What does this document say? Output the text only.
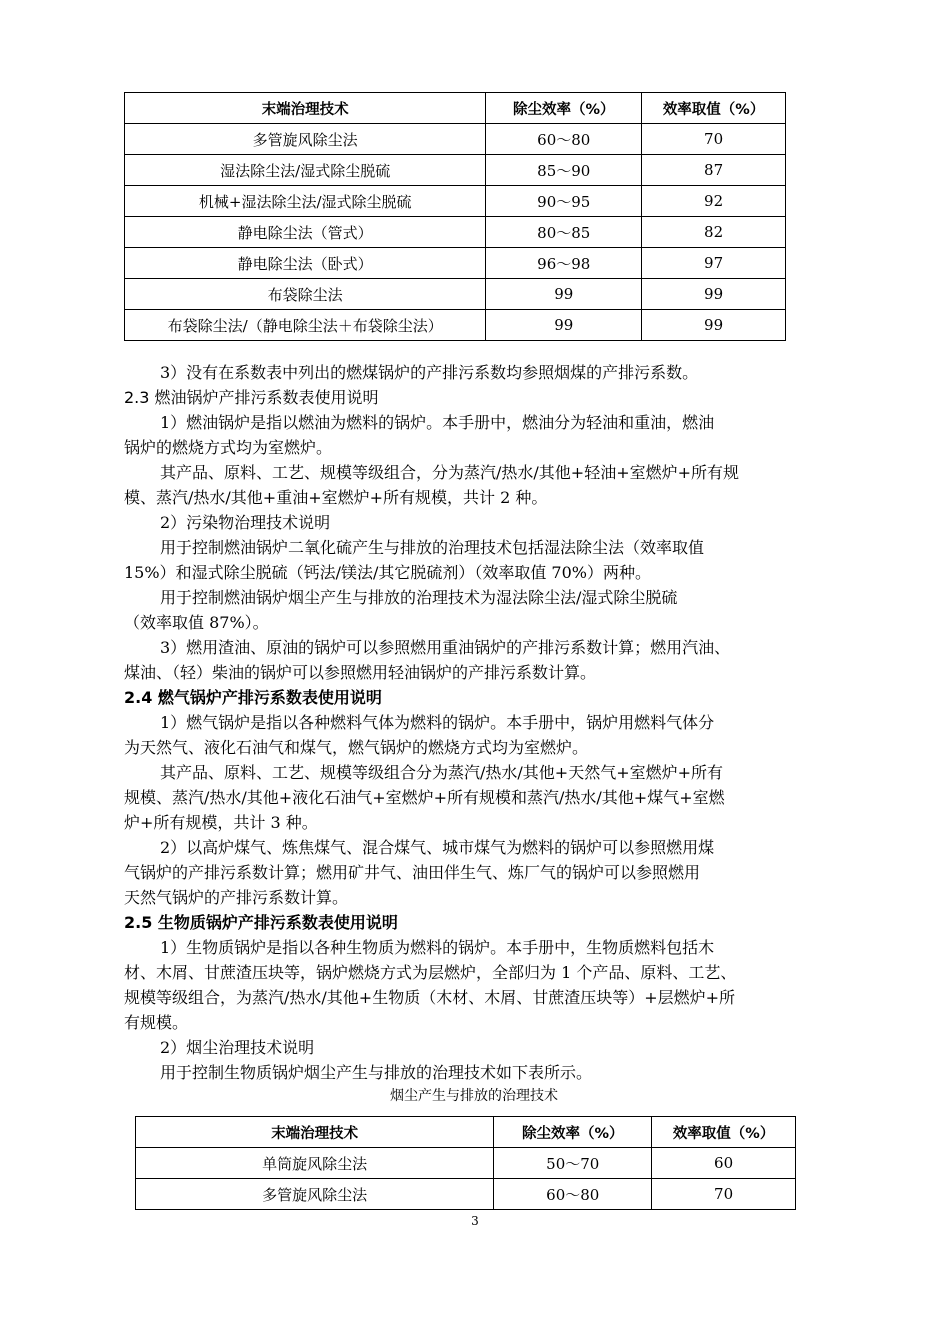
末端治理技术	除尘效率（%）	效率取值（%）
多管旋风除尘法	60～80	70
湿法除尘法/湿式除尘脱硫	85～90	87
机械+湿法除尘法/湿式除尘脱硫	90～95	92
静电除尘法（管式）	80～85	82
静电除尘法（卧式）	96～98	97
布袋除尘法	99	99
布袋除尘法/（静电除尘法＋布袋除尘法）	99	99
3）没有在系数表中列出的燃煤锅炉的产排污系数均参照烟煤的产排污系数。
2.3 燃油锅炉产排污系数表使用说明
1）燃油锅炉是指以燃油为燃料的锅炉。本手册中，燃油分为轻油和重油，燃油
锅炉的燃烧方式均为室燃炉。
其产品、原料、工艺、规模等级组合，分为蒸汽/热水/其他+轻油+室燃炉+所有规
模、蒸汽/热水/其他+重油+室燃炉+所有规模，共计 2 种。
2）污染物治理技术说明
用于控制燃油锅炉二氧化硫产生与排放的治理技术包括湿法除尘法（效率取值
15%）和湿式除尘脱硫（钙法/镁法/其它脱硫剂）（效率取值 70%）两种。
用于控制燃油锅炉烟尘产生与排放的治理技术为湿法除尘法/湿式除尘脱硫
（效率取值 87%）。
3）燃用渣油、原油的锅炉可以参照燃用重油锅炉的产排污系数计算；燃用汽油、
煤油、（轻）柴油的锅炉可以参照燃用轻油锅炉的产排污系数计算。
2.4 燃气锅炉产排污系数表使用说明
1）燃气锅炉是指以各种燃料气体为燃料的锅炉。本手册中，锅炉用燃料气体分
为天然气、液化石油气和煤气，燃气锅炉的燃烧方式均为室燃炉。
其产品、原料、工艺、规模等级组合分为蒸汽/热水/其他+天然气+室燃炉+所有
规模、蒸汽/热水/其他+液化石油气+室燃炉+所有规模和蒸汽/热水/其他+煤气+室燃
炉+所有规模，共计 3 种。
2）以高炉煤气、炼焦煤气、混合煤气、城市煤气为燃料的锅炉可以参照燃用煤
气锅炉的产排污系数计算；燃用矿井气、油田伴生气、炼厂气的锅炉可以参照燃用
天然气锅炉的产排污系数计算。
2.5 生物质锅炉产排污系数表使用说明
1）生物质锅炉是指以各种生物质为燃料的锅炉。本手册中，生物质燃料包括木
材、木屑、甘蔗渣压块等，锅炉燃烧方式为层燃炉，全部归为 1 个产品、原料、工艺、
规模等级组合，为蒸汽/热水/其他+生物质（木材、木屑、甘蔗渣压块等）+层燃炉+所
有规模。
2）烟尘治理技术说明
用于控制生物质锅炉烟尘产生与排放的治理技术如下表所示。
烟尘产生与排放的治理技术
末端治理技术	除尘效率（%）	效率取值（%）
单筒旋风除尘法	50～70	60
多管旋风除尘法	60～80	70
3
